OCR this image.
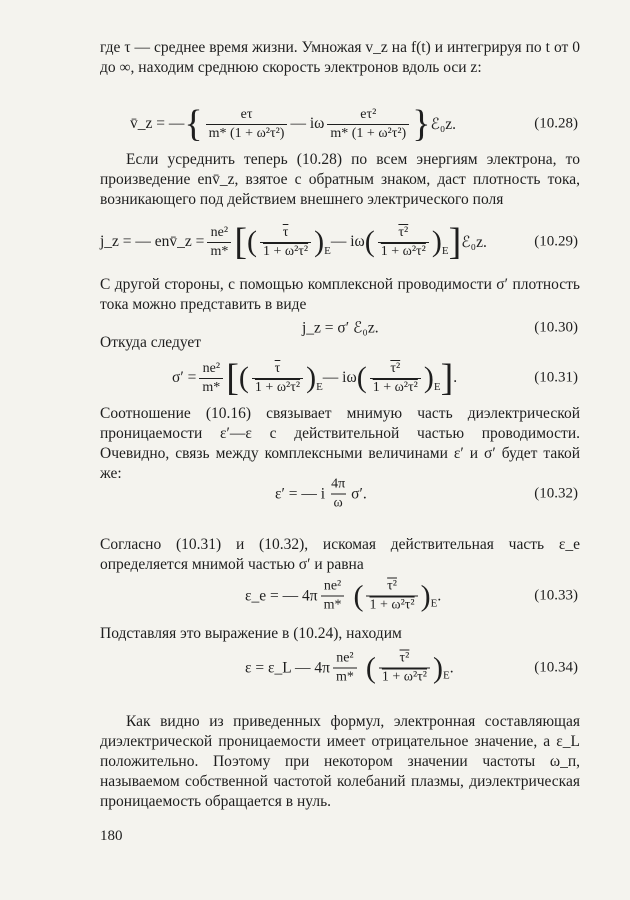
где τ — среднее время жизни. Умножая v_z на f(t) и интегрируя по t от 0 до ∞, находим среднюю скорость электронов вдоль оси z:

v̄_z = — { $\frac{e\tau}{\text{m* (1 + ω²τ²)}}$ — iω $\frac{\text{eτ²}}{\text{m* (1 + ω²τ²)}}$ } ℰ₀z.	(10.28)

Если усреднить теперь (10.28) по всем энергиям электрона, то произведение env̄_z, взятое с обратным знаком, даст плотность тока, возникающего под действием внешнего электрического поля

j_z = — env̄_z = $\frac{\text{ne²}}{m*}$ [ ( $\frac{\tau}{\text{1 + ω²τ²}}$ ) E
— iω ( $\frac{\text{τ²}}{\text{1 + ω²τ²}}$ ) E ] ℰ₀z.	(10.29)

С другой стороны, с помощью комплексной проводимости σ′ плотность тока можно представить в виде

j_z = σ′ ℰ₀z.	(10.30)

Откуда следует

$\sigma' = \frac{\text{ne²}}{m*}$ [ ( $\frac{\tau}{\text{1 + ω²τ²}}$ ) E
— iω ( $\frac{\text{τ²}}{\text{1 + ω²τ²}}$ ) E ] .	(10.31)

Соотношение (10.16) связывает мнимую часть диэлектрической проницаемости ε′—ε с действительной частью проводимости. Очевидно, связь между комплексными величинами ε′ и σ′ будет такой же:

ε′ = — i $\frac{4\pi}{\omega} \sigma'$.	(10.32)

Согласно (10.31) и (10.32), искомая действительная часть ε_e определяется мнимой частью σ′ и равна

ε_e = — $4\pi \frac{\text{ne²}}{m*}$ ( $\frac{\text{τ²}}{\text{1 + ω²τ²}}$ ) E .	(10.33)

Подставляя это выражение в (10.24), находим

ε = ε_L — $4\pi \frac{\text{ne²}}{m*}$ ( $\frac{\text{τ²}}{\text{1 + ω²τ²}}$ ) E .	(10.34)

Как видно из приведенных формул, электронная составляющая диэлектрической проницаемости имеет отрицательное значение, а ε_L положительно. Поэтому при некотором значении частоты ω_п, называемом собственной частотой колебаний плазмы, диэлектрическая проницаемость обращается в нуль.

180
